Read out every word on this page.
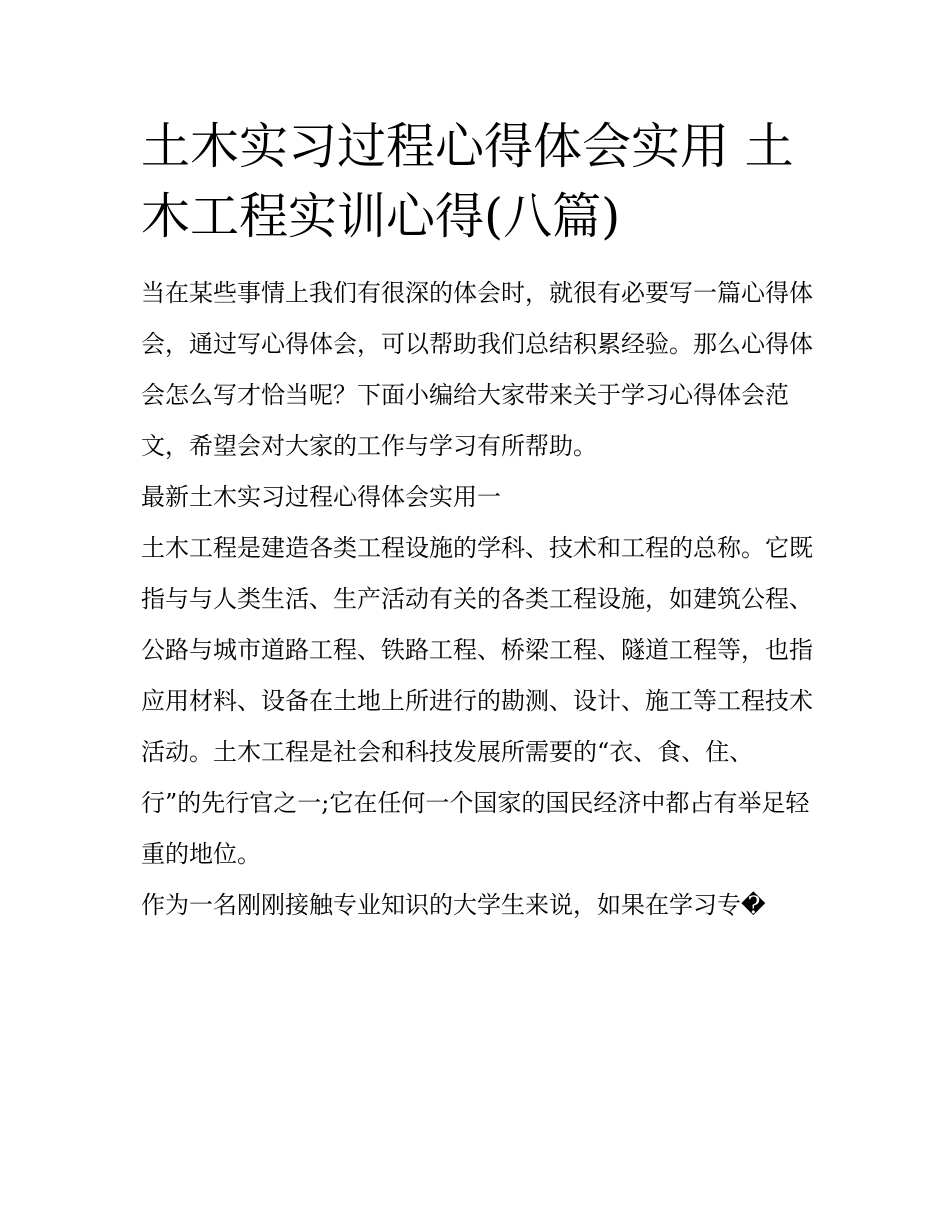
土木实习过程心得体会实用 土木工程实训心得(八篇)

当在某些事情上我们有很深的体会时，就很有必要写一篇心得体会，通过写心得体会，可以帮助我们总结积累经验。那么心得体会怎么写才恰当呢？下面小编给大家带来关于学习心得体会范文，希望会对大家的工作与学习有所帮助。

最新土木实习过程心得体会实用一

土木工程是建造各类工程设施的学科、技术和工程的总称。它既指与与人类生活、生产活动有关的各类工程设施，如建筑公程、公路与城市道路工程、铁路工程、桥梁工程、隧道工程等，也指应用材料、设备在土地上所进行的勘测、设计、施工等工程技术活动。土木工程是社会和科技发展所需要的“衣、食、住、行”的先行官之一;它在任何一个国家的国民经济中都占有举足轻重的地位。

作为一名刚刚接触专业知识的大学生来说，如果在学习专�
